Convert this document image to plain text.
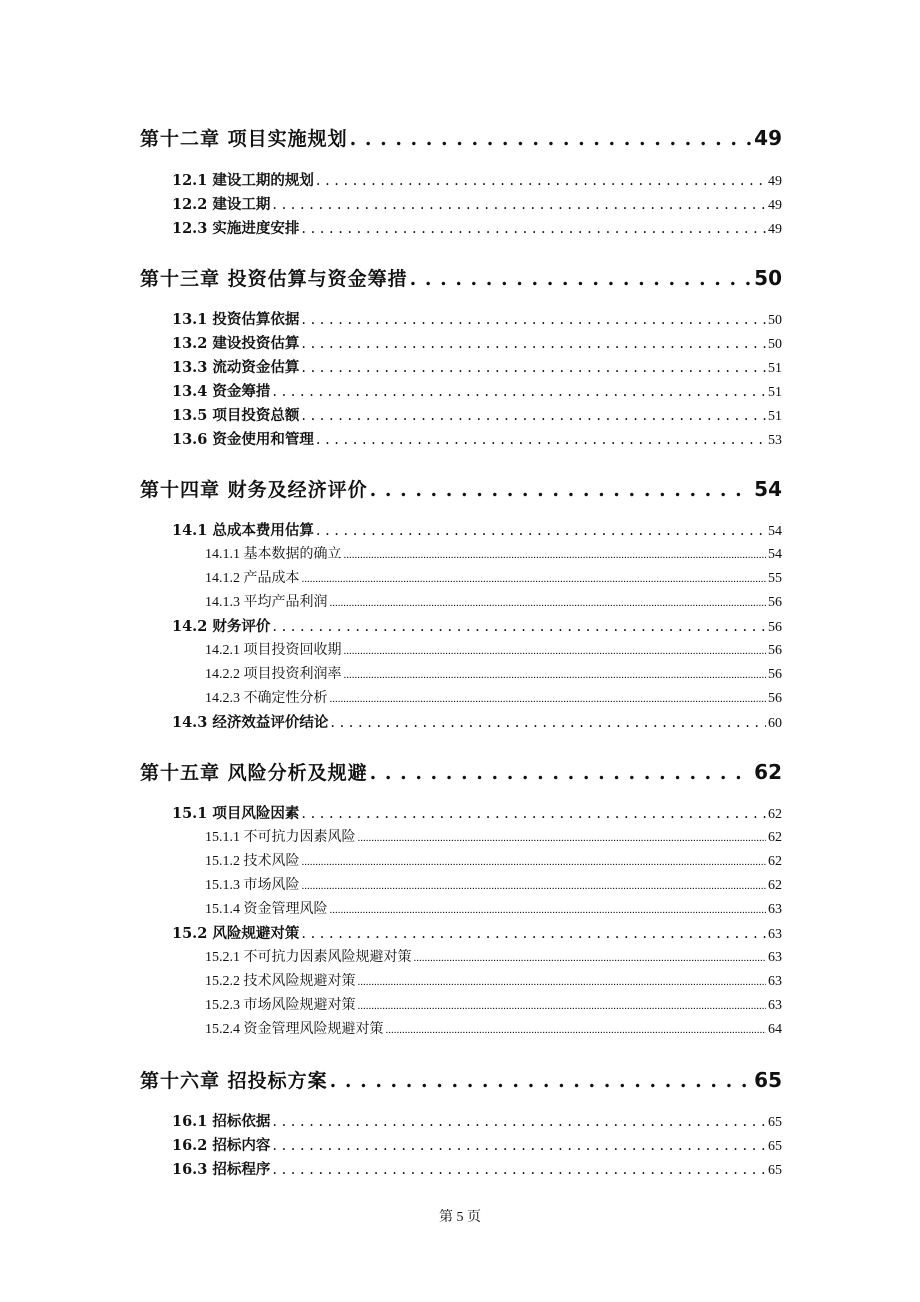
第十二章 项目实施规划 . . .	49
12.1 建设工期的规划 . . .	49
12.2 建设工期 . . .	49
12.3 实施进度安排 . . .	49
第十三章 投资估算与资金筹措 . . .	50
13.1 投资估算依据 . . .	50
13.2 建设投资估算 . . .	50
13.3 流动资金估算 . . .	51
13.4 资金筹措 . . .	51
13.5 项目投资总额 . . .	51
13.6 资金使用和管理 . . .	53
第十四章 财务及经济评价 . . .	54
14.1 总成本费用估算 . . .	54
14.1.1 基本数据的确立 .....	54
14.1.2 产品成本 .....	55
14.1.3 平均产品利润 .....	56
14.2 财务评价 . . .	56
14.2.1 项目投资回收期 .....	56
14.2.2 项目投资利润率 .....	56
14.2.3 不确定性分析 .....	56
14.3 经济效益评价结论 . . .	60
第十五章 风险分析及规避 . . .	62
15.1 项目风险因素 . . .	62
15.1.1 不可抗力因素风险 .....	62
15.1.2 技术风险 .....	62
15.1.3 市场风险 .....	62
15.1.4 资金管理风险 .....	63
15.2 风险规避对策 . . .	63
15.2.1 不可抗力因素风险规避对策 .....	63
15.2.2 技术风险规避对策 .....	63
15.2.3 市场风险规避对策 .....	63
15.2.4 资金管理风险规避对策 .....	64
第十六章 招投标方案 . . .	65
16.1 招标依据 . . .	65
16.2 招标内容 . . .	65
16.3 招标程序 . . .	65
第 5 页
